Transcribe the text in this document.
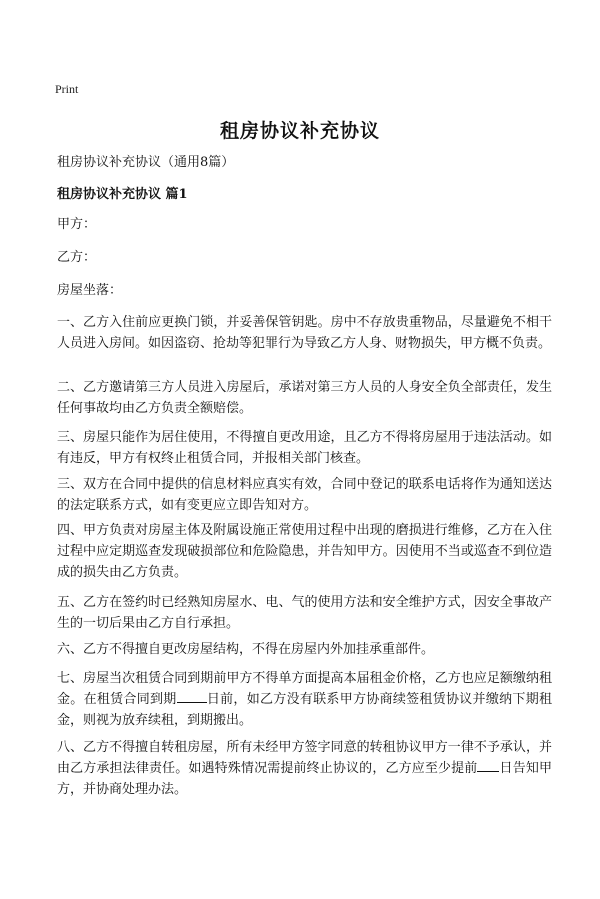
Print
租房协议补充协议
租房协议补充协议（通用8篇）
租房协议补充协议 篇1
甲方：
乙方：
房屋坐落：
一、乙方入住前应更换门锁，并妥善保管钥匙。房中不存放贵重物品，尽量避免不相干人员进入房间。如因盗窃、抢劫等犯罪行为导致乙方人身、财物损失，甲方概不负责。
二、乙方邀请第三方人员进入房屋后，承诺对第三方人员的人身安全负全部责任，发生任何事故均由乙方负责全额赔偿。
三、房屋只能作为居住使用，不得擅自更改用途，且乙方不得将房屋用于违法活动。如有违反，甲方有权终止租赁合同，并报相关部门核查。
三、双方在合同中提供的信息材料应真实有效，合同中登记的联系电话将作为通知送达的法定联系方式，如有变更应立即告知对方。
四、甲方负责对房屋主体及附属设施正常使用过程中出现的磨损进行维修，乙方在入住过程中应定期巡查发现破损部位和危险隐患，并告知甲方。因使用不当或巡查不到位造成的损失由乙方负责。
五、乙方在签约时已经熟知房屋水、电、气的使用方法和安全维护方式，因安全事故产生的一切后果由乙方自行承担。
六、乙方不得擅自更改房屋结构，不得在房屋内外加挂承重部件。
七、房屋当次租赁合同到期前甲方不得单方面提高本届租金价格，乙方也应足额缴纳租金。在租赁合同到期 日前，如乙方没有联系甲方协商续签租赁协议并缴纳下期租金，则视为放弃续租，到期搬出。
八、乙方不得擅自转租房屋，所有未经甲方签字同意的转租协议甲方一律不予承认，并由乙方承担法律责任。如遇特殊情况需提前终止协议的，乙方应至少提前 日告知甲方，并协商处理办法。
